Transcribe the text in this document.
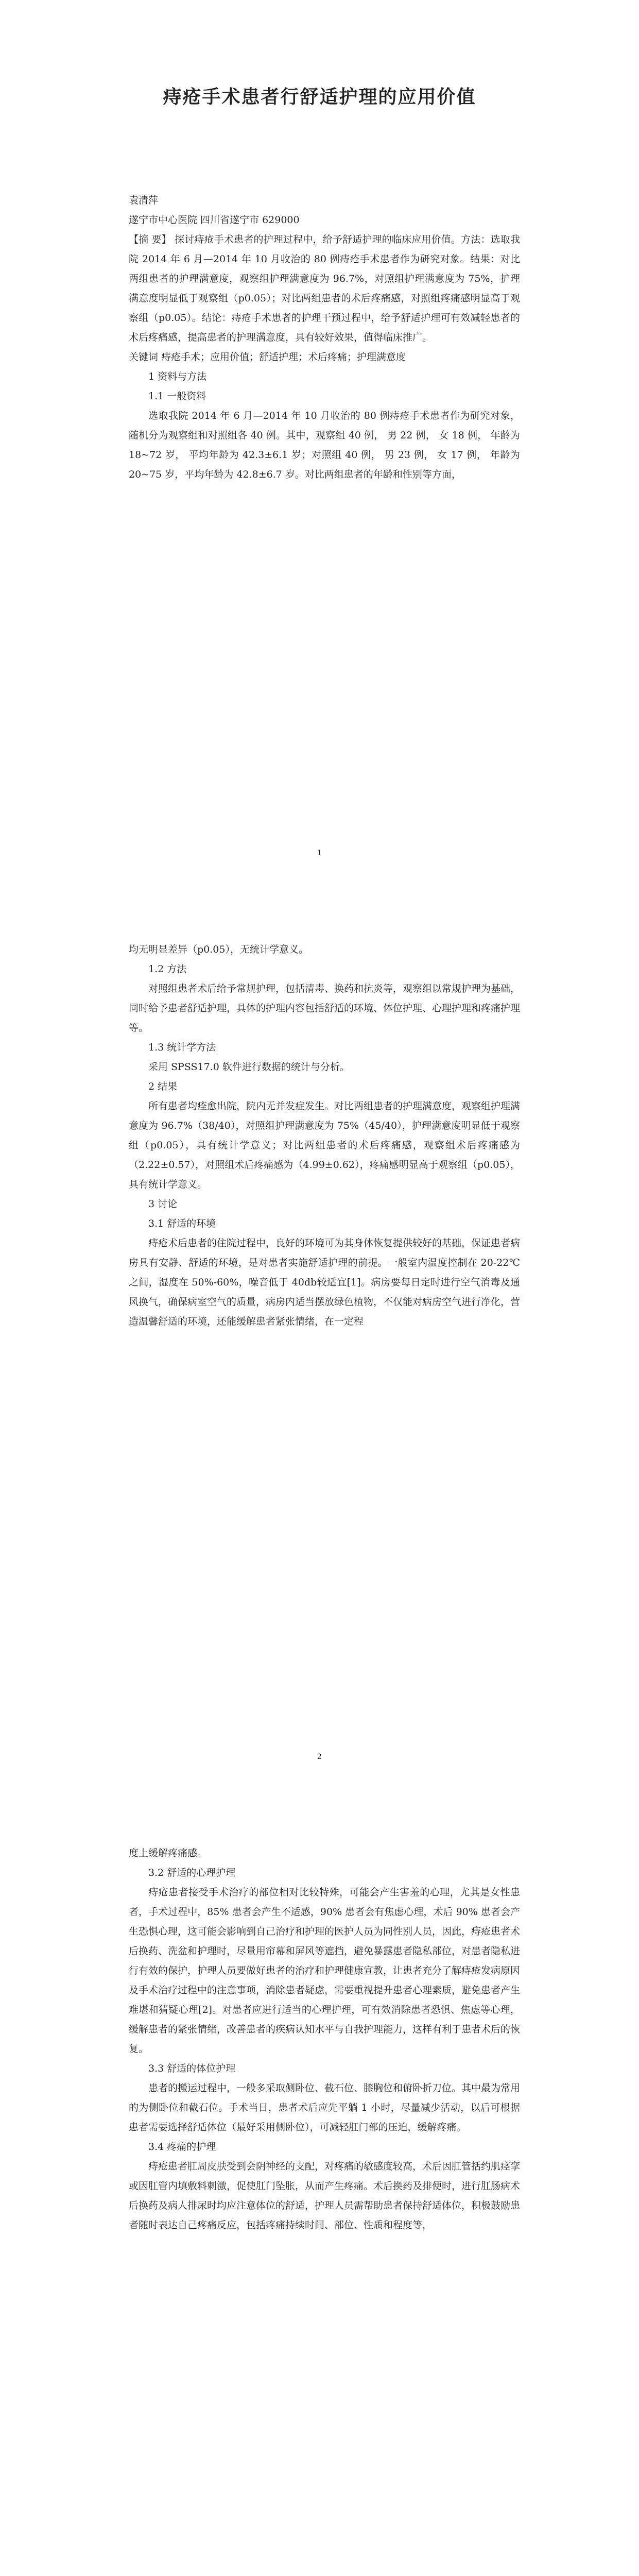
痔疮手术患者行舒适护理的应用价值

袁清萍

遂宁市中心医院 四川省遂宁市 629000

【摘 要】 探讨痔疮手术患者的护理过程中，给予舒适护理的临床应用价值。方法：选取我院 2014 年 6 月—2014 年 10 月收治的 80 例痔疮手术患者作为研究对象。结果：对比两组患者的护理满意度，观察组护理满意度为 96.7%，对照组护理满意度为 75%，护理满意度明显低于观察组（p0.05）；对比两组患者的术后疼痛感，对照组疼痛感明显高于观察组（p0.05）。结论：痔疮手术患者的护理干预过程中，给予舒适护理可有效减轻患者的术后疼痛感，提高患者的护理满意度，具有较好效果，值得临床推广。

关键词 痔疮手术；应用价值；舒适护理；术后疼痛；护理满意度

1 资料与方法

1.1 一般资料

选取我院 2014 年 6 月—2014 年 10 月收治的 80 例痔疮手术患者作为研究对象，随机分为观察组和对照组各 40 例。其中，观察组 40 例， 男 22 例， 女 18 例， 年龄为 18~72 岁， 平均年龄为 42.3±6.1 岁；对照组 40 例， 男 23 例， 女 17 例， 年龄为 20~75 岁，平均年龄为 42.8±6.7 岁。对比两组患者的年龄和性别等方面，

1

均无明显差异（p0.05），无统计学意义。

1.2 方法

对照组患者术后给予常规护理，包括清毒、换药和抗炎等，观察组以常规护理为基础，同时给予患者舒适护理，具体的护理内容包括舒适的环境、体位护理、心理护理和疼痛护理等。

1.3 统计学方法

采用 SPSS17.0 软件进行数据的统计与分析。

2 结果

所有患者均痊愈出院，院内无并发症发生。对比两组患者的护理满意度，观察组护理满意度为 96.7%（38/40），对照组护理满意度为 75%（45/40），护理满意度明显低于观察组（p0.05），具有统计学意义；对比两组患者的术后疼痛感，观察组术后疼痛感为（2.22±0.57），对照组术后疼痛感为（4.99±0.62），疼痛感明显高于观察组（p0.05），具有统计学意义。

3 讨论

3.1 舒适的环境

痔疮术后患者的住院过程中，良好的环境可为其身体恢复提供较好的基础，保证患者病房具有安静、舒适的环境，是对患者实施舒适护理的前提。一般室内温度控制在 20-22℃之间，湿度在 50%-60%，噪音低于 40db较适宜[1]。病房要每日定时进行空气消毒及通风换气，确保病室空气的质量，病房内适当摆放绿色植物，不仅能对病房空气进行净化，营造温馨舒适的环境，还能缓解患者紧张情绪，在一定程

2

度上缓解疼痛感。

3.2 舒适的心理护理

痔疮患者接受手术治疗的部位相对比较特殊，可能会产生害羞的心理，尤其是女性患者，手术过程中，85% 患者会产生不适感，90% 患者会有焦虑心理，术后 90% 患者会产生恐惧心理，这可能会影响到自己治疗和护理的医护人员为同性别人员，因此，痔疮患者术后换药、洗盆和护理时，尽量用帘幕和屏风等遮挡，避免暴露患者隐私部位，对患者隐私进行有效的保护，护理人员要做好患者的治疗和护理健康宣教，让患者充分了解痔疮发病原因及手术治疗过程中的注意事项，消除患者疑虑，需要重视提升患者心理素质，避免患者产生难堪和猜疑心理[2]。对患者应进行适当的心理护理，可有效消除患者恐惧、焦虑等心理，缓解患者的紧张情绪，改善患者的疾病认知水平与自我护理能力，这样有利于患者术后的恢复。

3.3 舒适的体位护理

患者的搬运过程中，一般多采取侧卧位、截石位、膝胸位和俯卧折刀位。其中最为常用的为侧卧位和截石位。手术当日，患者术后应先平躺 1 小时，尽量减少活动，以后可根据患者需要选择舒适体位（最好采用侧卧位），可减轻肛门部的压迫，缓解疼痛。

3.4 疼痛的护理

痔疮患者肛周皮肤受到会阴神经的支配，对疼痛的敏感度较高，术后因肛管括约肌痉挛或因肛管内填敷料刺激，促使肛门坠胀，从而产生疼痛。术后换药及排便时，进行肛肠病术后换药及病人排尿时均应注意体位的舒适，护理人员需帮助患者保持舒适体位，积极鼓励患者随时表达自己疼痛反应，包括疼痛持续时间、部位、性质和程度等，
